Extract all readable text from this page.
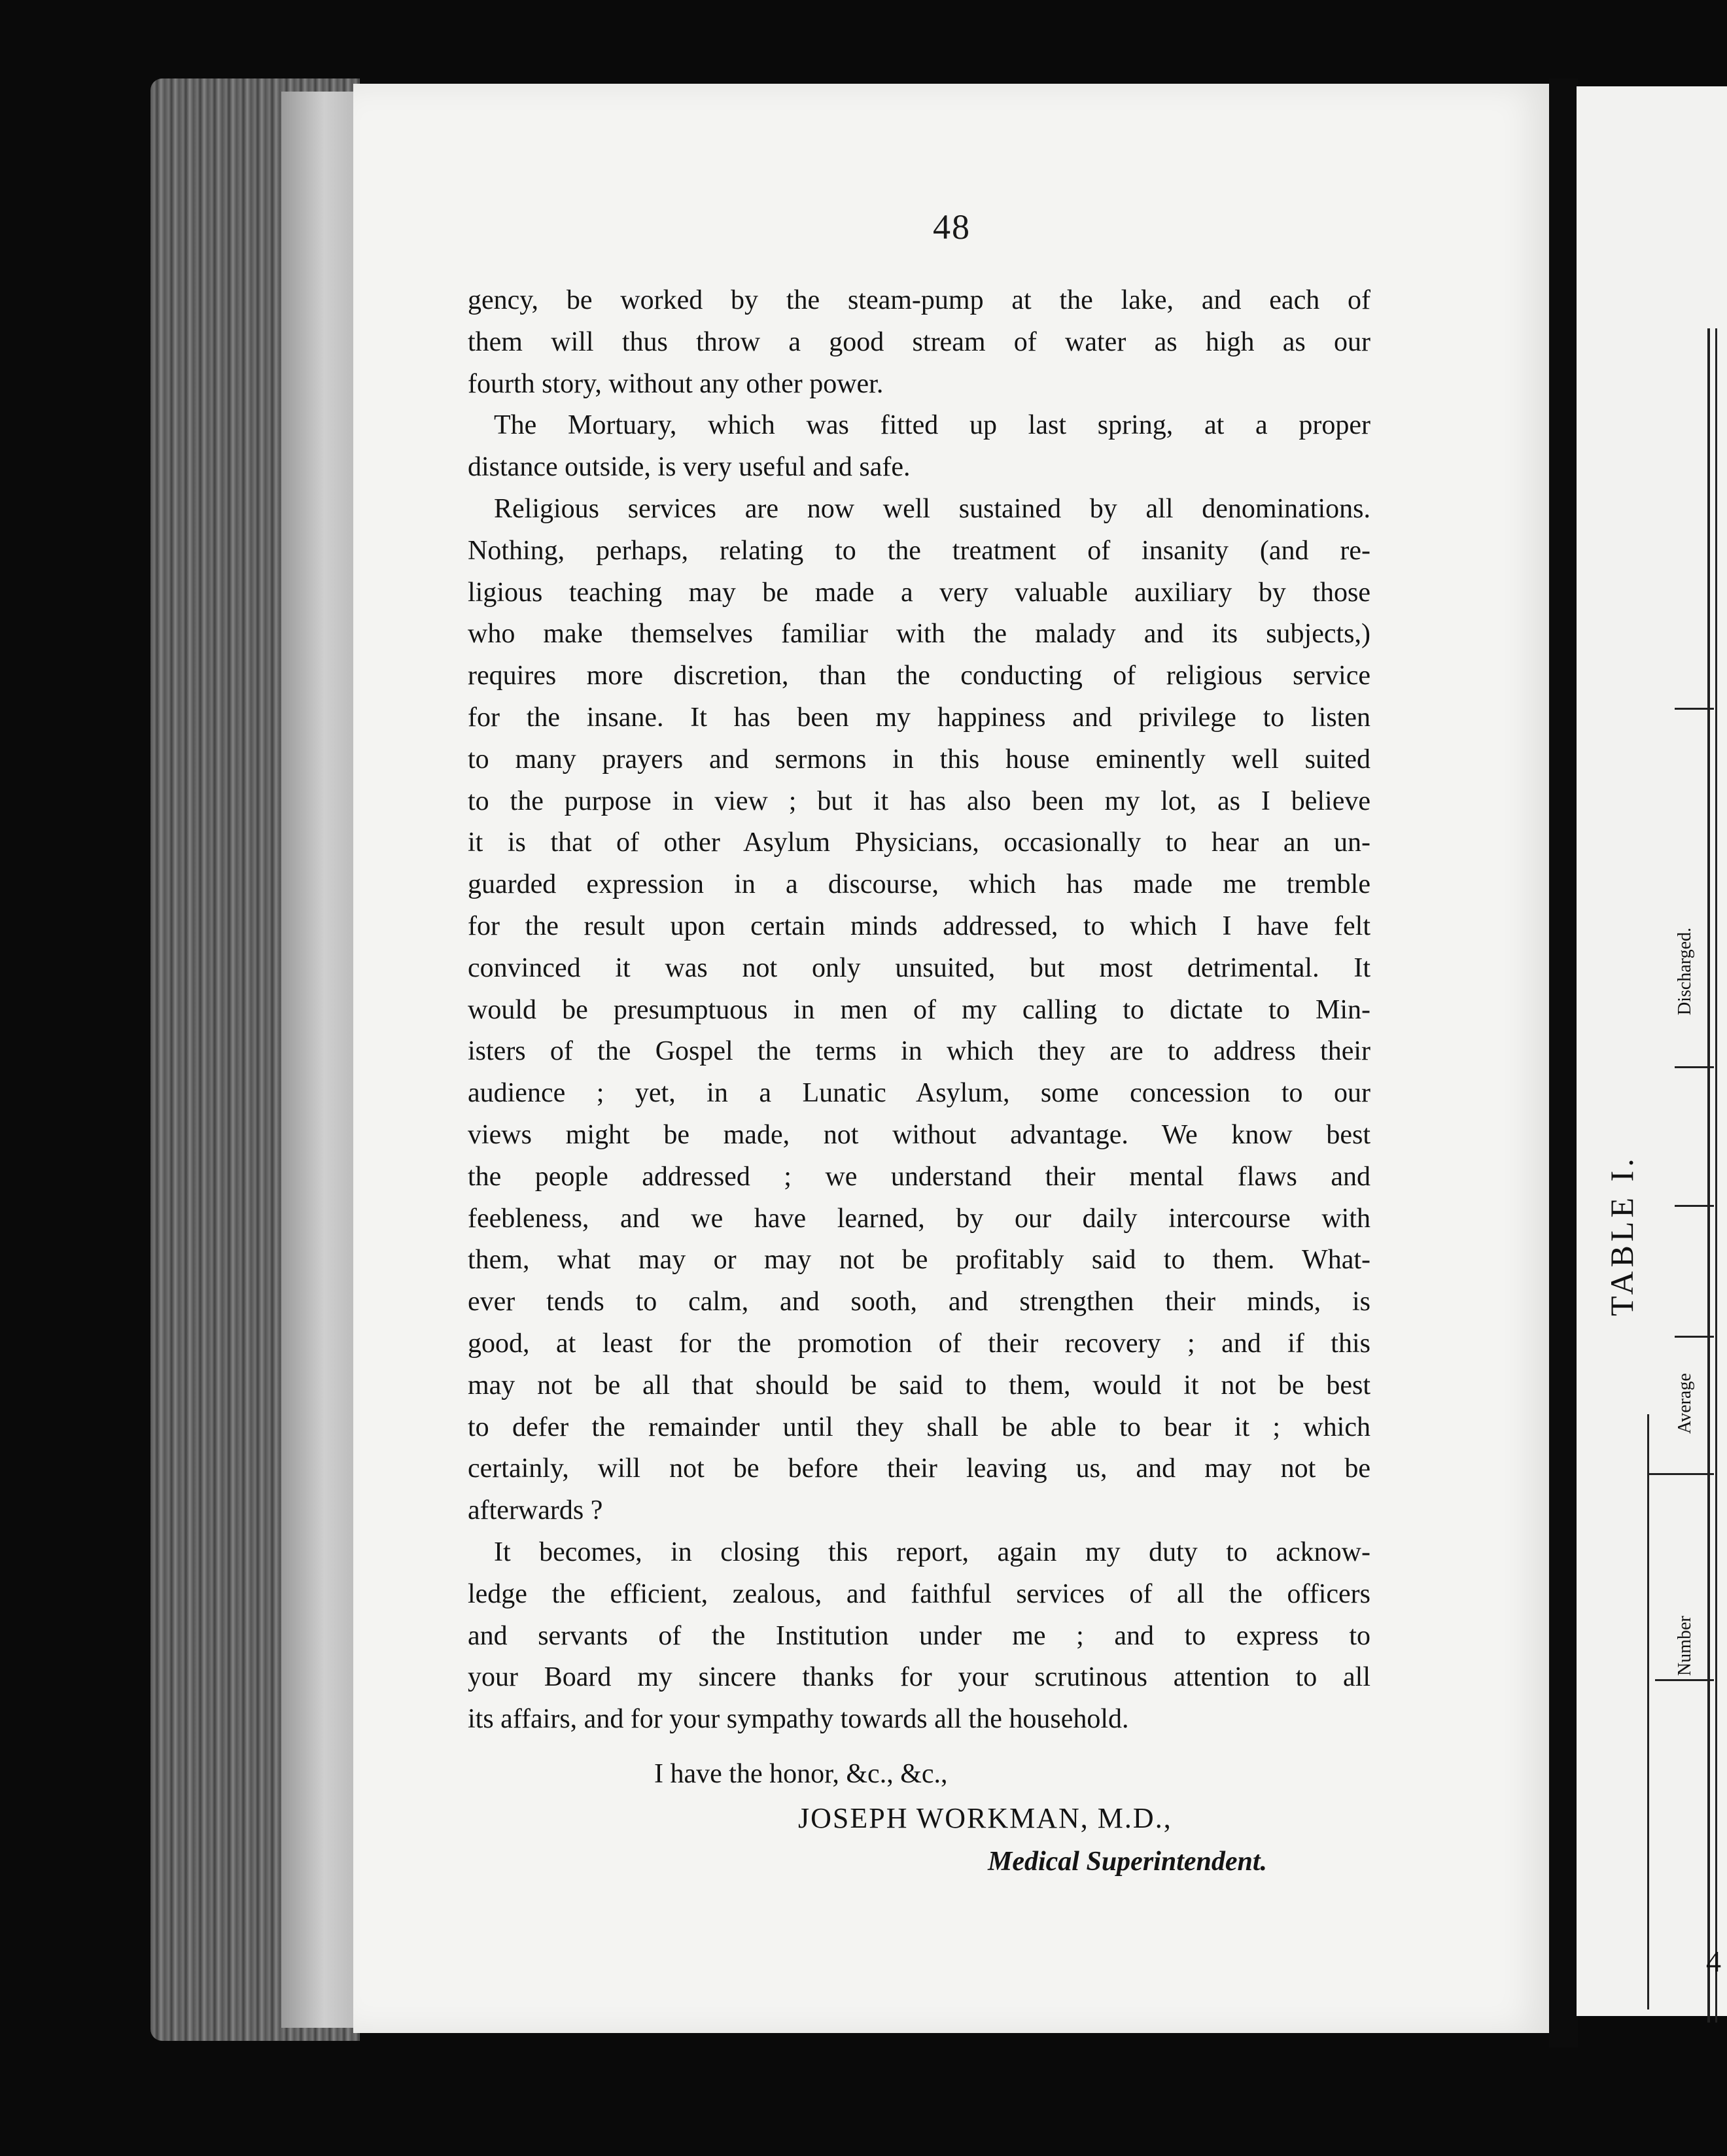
48
gency, be worked by the steam-pump at the lake, and each of
them will thus throw a good stream of water as high as our
fourth story, without any other power.
The Mortuary, which was fitted up last spring, at a proper
distance outside, is very useful and safe.
Religious services are now well sustained by all denominations.
Nothing, perhaps, relating to the treatment of insanity (and re-
ligious teaching may be made a very valuable auxiliary by those
who make themselves familiar with the malady and its subjects,)
requires more discretion, than the conducting of religious service
for the insane. It has been my happiness and privilege to listen
to many prayers and sermons in this house eminently well suited
to the purpose in view ; but it has also been my lot, as I believe
it is that of other Asylum Physicians, occasionally to hear an un-
guarded expression in a discourse, which has made me tremble
for the result upon certain minds addressed, to which I have felt
convinced it was not only unsuited, but most detrimental. It
would be presumptuous in men of my calling to dictate to Min-
isters of the Gospel the terms in which they are to address their
audience ; yet, in a Lunatic Asylum, some concession to our
views might be made, not without advantage. We know best
the people addressed ; we understand their mental flaws and
feebleness, and we have learned, by our daily intercourse with
them, what may or may not be profitably said to them. What-
ever tends to calm, and sooth, and strengthen their minds, is
good, at least for the promotion of their recovery ; and if this
may not be all that should be said to them, would it not be best
to defer the remainder until they shall be able to bear it ; which
certainly, will not be before their leaving us, and may not be
afterwards ?
It becomes, in closing this report, again my duty to acknow-
ledge the efficient, zealous, and faithful services of all the officers
and servants of the Institution under me ; and to express to
your Board my sincere thanks for your scrutinous attention to all
its affairs, and for your sympathy towards all the household.
I have the honor, &c., &c.,
JOSEPH WORKMAN, M.D.,
Medical Superintendent.
TABLE I.
Discharged.
Average
Number
4
